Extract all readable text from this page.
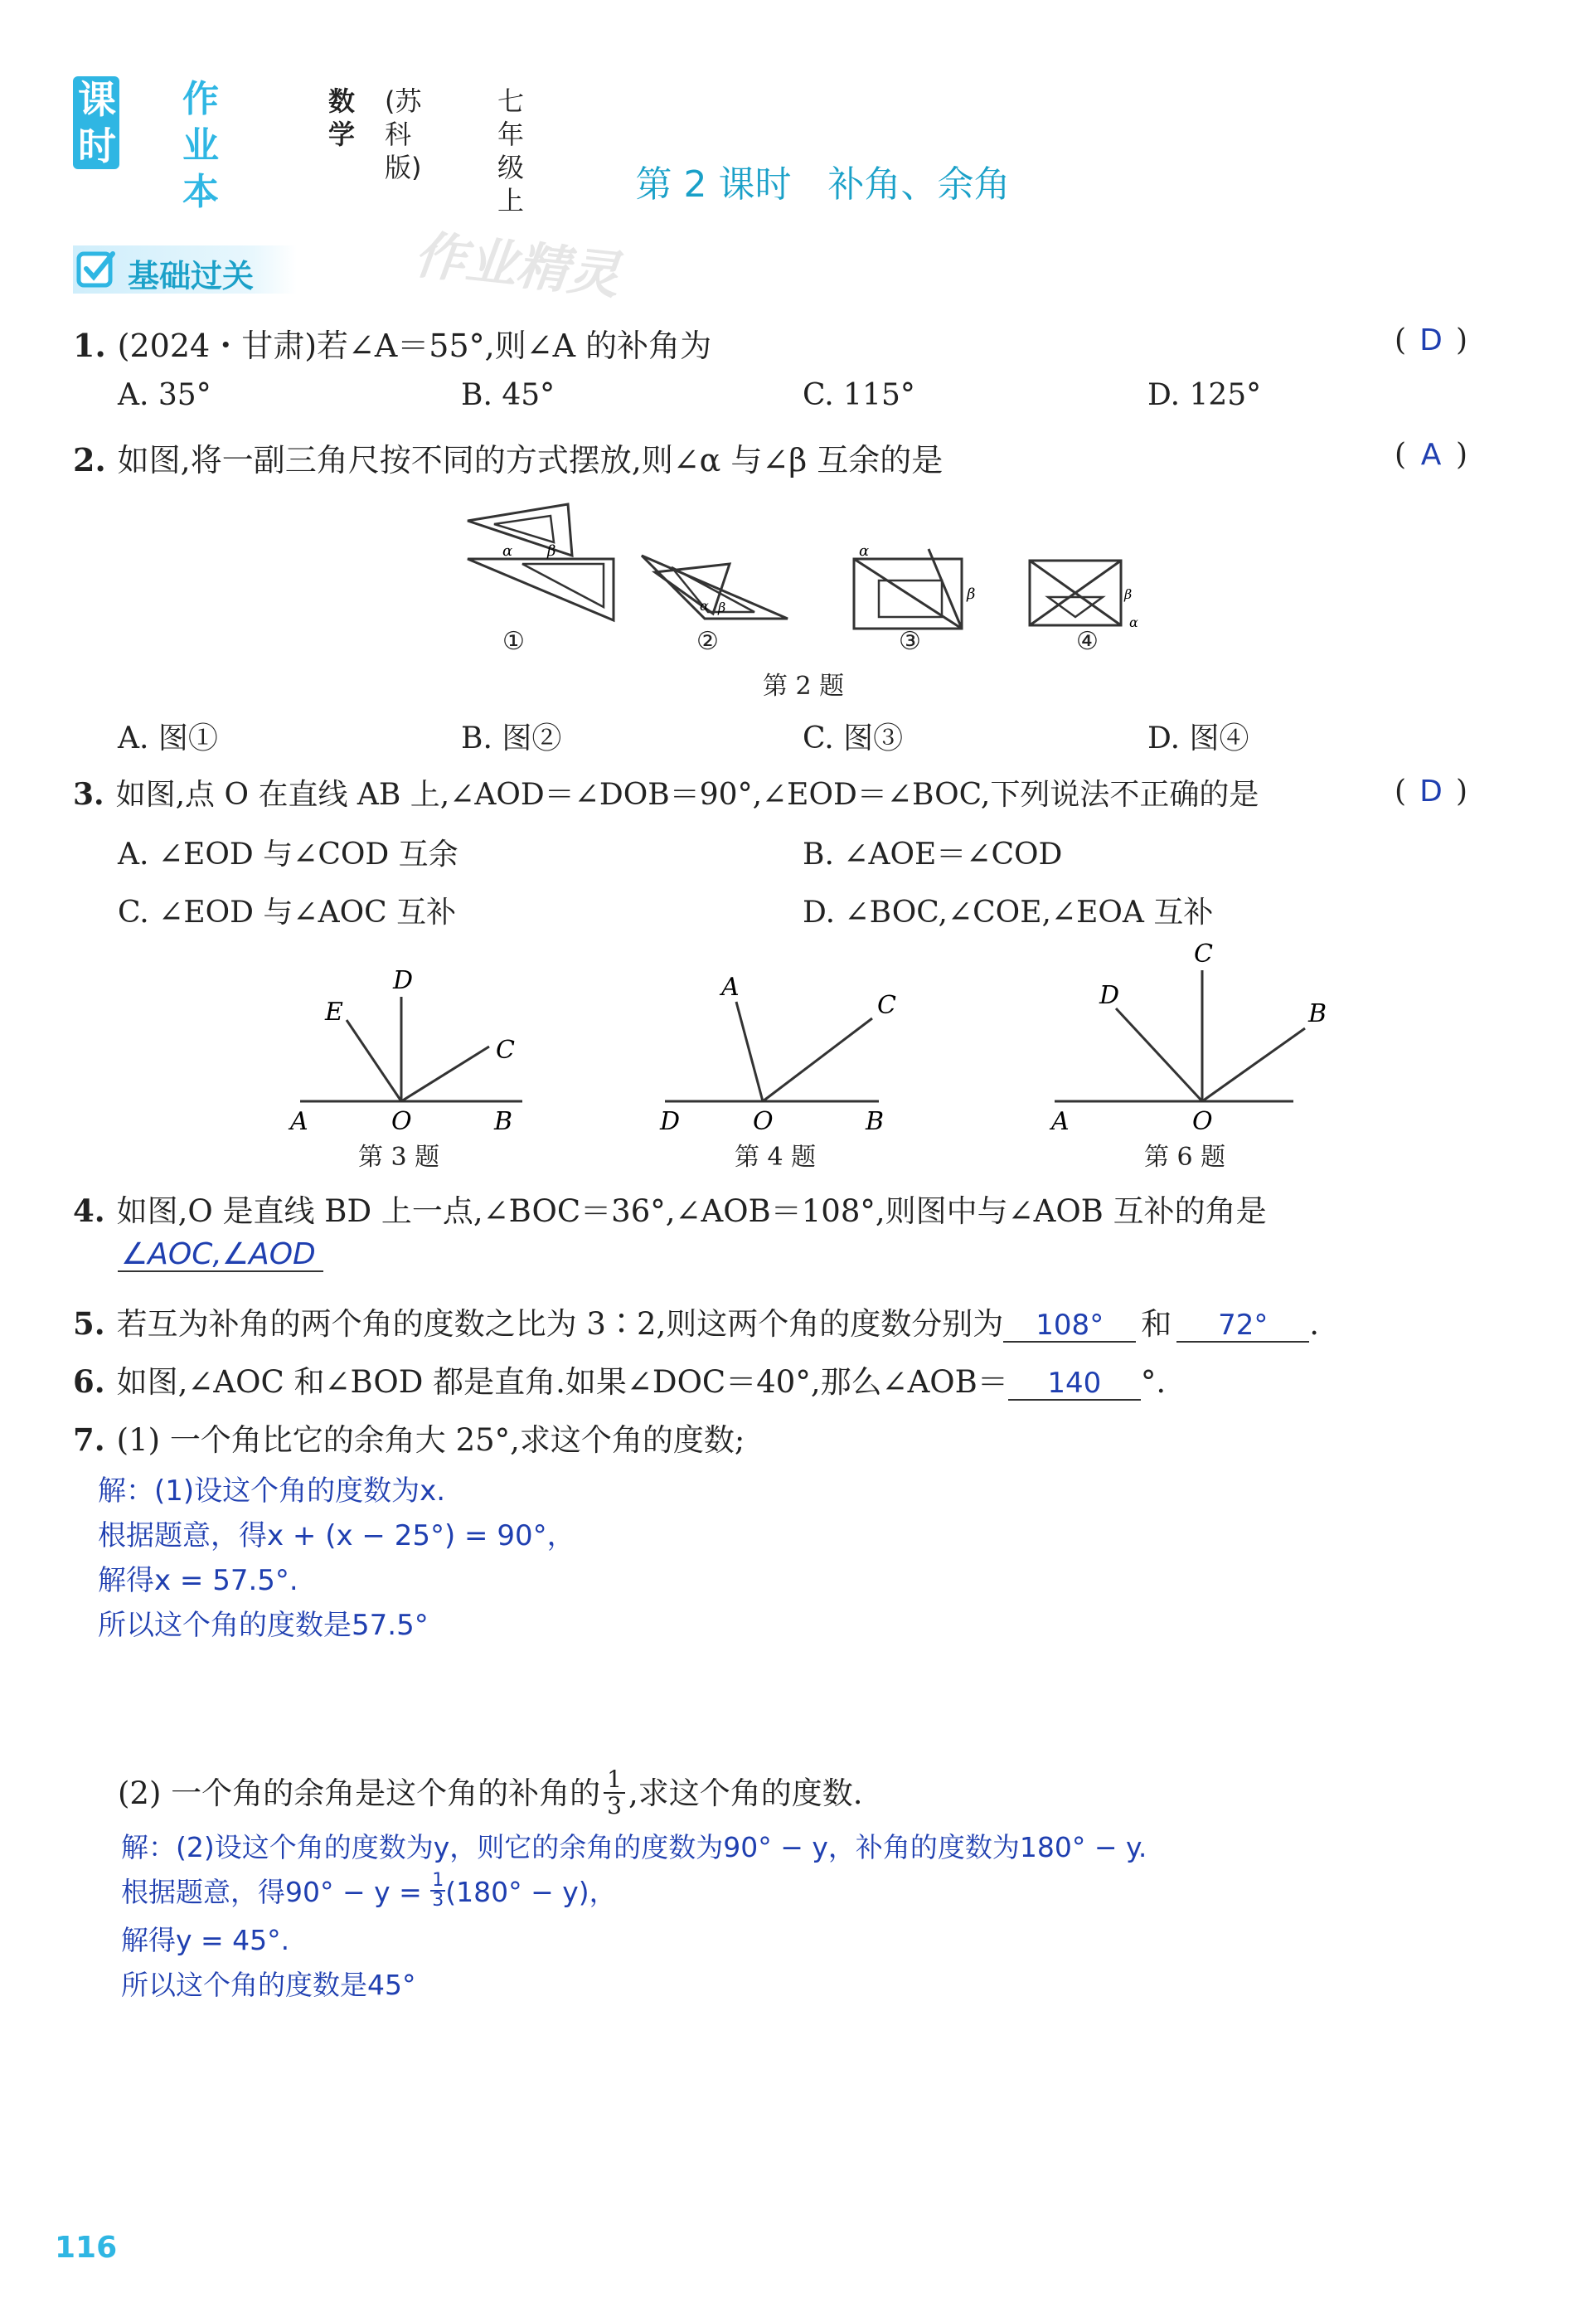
课时
作业本
数学
(苏科版)
七年级上	第 2 课时　补角、余角
基础过关	作业精灵
1. (2024・甘肃)若∠A＝55°,则∠A 的补角为	( D )
A. 35°	B. 45°	C. 115°	D. 125°
2. 如图,将一副三角尺按不同的方式摆放,则∠α 与∠β 互余的是	( A )
α β
α β
α
β	β
α
①	②	③	④
第 2 题
A. 图①	B. 图②	C. 图③	D. 图④
3. 如图,点 O 在直线 AB 上,∠AOD＝∠DOB＝90°,∠EOD＝∠BOC,下列说法不正确的是	( D )
A. ∠EOD 与∠COD 互余	B. ∠AOE＝∠COD
C. ∠EOD 与∠AOC 互补	D. ∠BOC,∠COE,∠EOA 互补
D
E
C
A	O	B
第 3 题
A
C
D	O	B
第 4 题
C
D
B
A	O
第 6 题
4. 如图,O 是直线 BD 上一点,∠BOC＝36°,∠AOB＝108°,则图中与∠AOB 互补的角是
∠AOC,∠AOD
5. 若互为补角的两个角的度数之比为 3∶2,则这两个角的度数分别为 108° 和 72° .
6. 如图,∠AOC 和∠BOD 都是直角.如果∠DOC＝40°,那么∠AOB＝ 140 °.
7. (1) 一个角比它的余角大 25°,求这个角的度数;
解：(1)设这个角的度数为x.
根据题意，得x + (x − 25°) = 90°，
解得x = 57.5°.
所以这个角的度数是57.5°
(2) 一个角的余角是这个角的补角的 $\frac{1}{3}$ ,求这个角的度数.
解：(2)设这个角的度数为y，则它的余角的度数为90° − y，补角的度数为180° − y.
根据题意，得$90^\circ - y = \frac{1}{3} (180^\circ - y)$，
解得y = 45°.
所以这个角的度数是45°
116
